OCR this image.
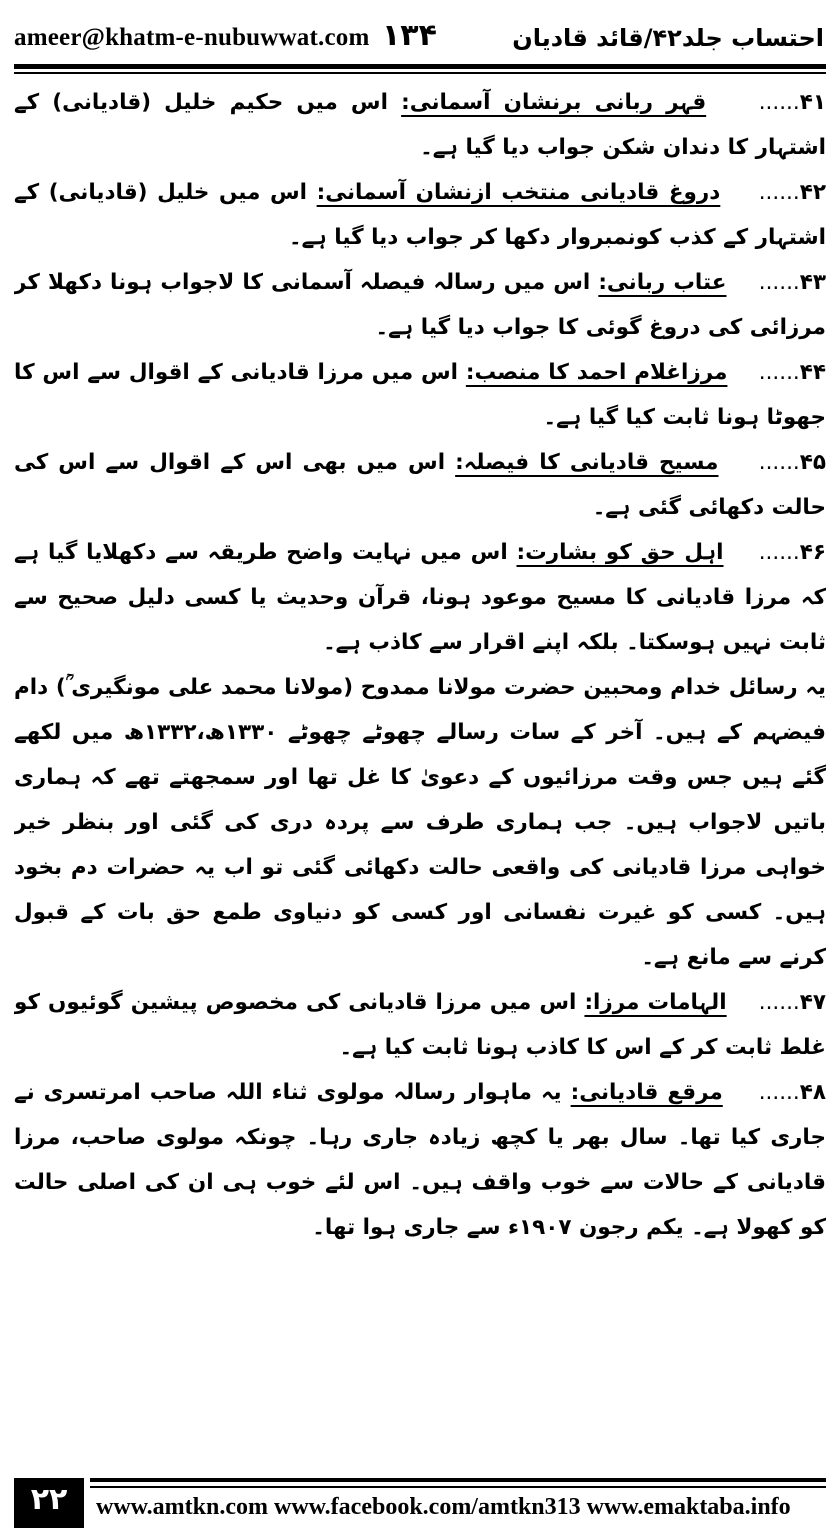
ameer@khatm-e-nubuwwat.com ۱۳۴	احتساب جلد۴۲/قائد قادیان

۴۱......    قہر ربانی برنشان آسمانی: اس میں حکیم خلیل (قادیانی) کے اشتہار کا دندان شکن جواب دیا گیا ہے۔

۴۲......    دروغ قادیانی منتخب ازنشان آسمانی: اس میں خلیل (قادیانی) کے اشتہار کے کذب کونمبروار دکھا کر جواب دیا گیا ہے۔

۴۳......    عتاب ربانی: اس میں رسالہ فیصلہ آسمانی کا لاجواب ہونا دکھلا کر مرزائی کی دروغ گوئی کا جواب دیا گیا ہے۔

۴۴......    مرزاغلام احمد کا منصب: اس میں مرزا قادیانی کے اقوال سے اس کا جھوٹا ہونا ثابت کیا گیا ہے۔

۴۵......    مسیح قادیانی کا فیصلہ: اس میں بھی اس کے اقوال سے اس کی حالت دکھائی گئی ہے۔

۴۶......    اہل حق کو بشارت: اس میں نہایت واضح طریقہ سے دکھلایا گیا ہے کہ مرزا قادیانی کا مسیح موعود ہونا، قرآن وحدیث یا کسی دلیل صحیح سے ثابت نہیں ہوسکتا۔ بلکہ اپنے اقرار سے کاذب ہے۔

یہ رسائل خدام ومحبین حضرت مولانا ممدوح (مولانا محمد علی مونگیری ؒ) دام فیضہم کے ہیں۔ آخر کے سات رسالے چھوٹے چھوٹے ۱۳۳۰ھ،۱۳۳۲ھ میں لکھے گئے ہیں جس وقت مرزائیوں کے دعویٰ کا غل تھا اور سمجھتے تھے کہ ہماری باتیں لاجواب ہیں۔ جب ہماری طرف سے پردہ دری کی گئی اور بنظر خیر خواہی مرزا قادیانی کی واقعی حالت دکھائی گئی تو اب یہ حضرات دم بخود ہیں۔ کسی کو غیرت نفسانی اور کسی کو دنیاوی طمع حق بات کے قبول کرنے سے مانع ہے۔

۴۷......    الہامات مرزا: اس میں مرزا قادیانی کی مخصوص پیشین گوئیوں کو غلط ثابت کر کے اس کا کاذب ہونا ثابت کیا ہے۔

۴۸......    مرقع قادیانی: یہ ماہوار رسالہ مولوی ثناء اللہ صاحب امرتسری نے جاری کیا تھا۔ سال بھر یا کچھ زیادہ جاری رہا۔ چونکہ مولوی صاحب، مرزا قادیانی کے حالات سے خوب واقف ہیں۔ اس لئے خوب ہی ان کی اصلی حالت کو کھولا ہے۔ یکم رجون ۱۹۰۷ء سے جاری ہوا تھا۔

۲۲	www.amtkn.com www.facebook.com/amtkn313 www.emaktaba.info
